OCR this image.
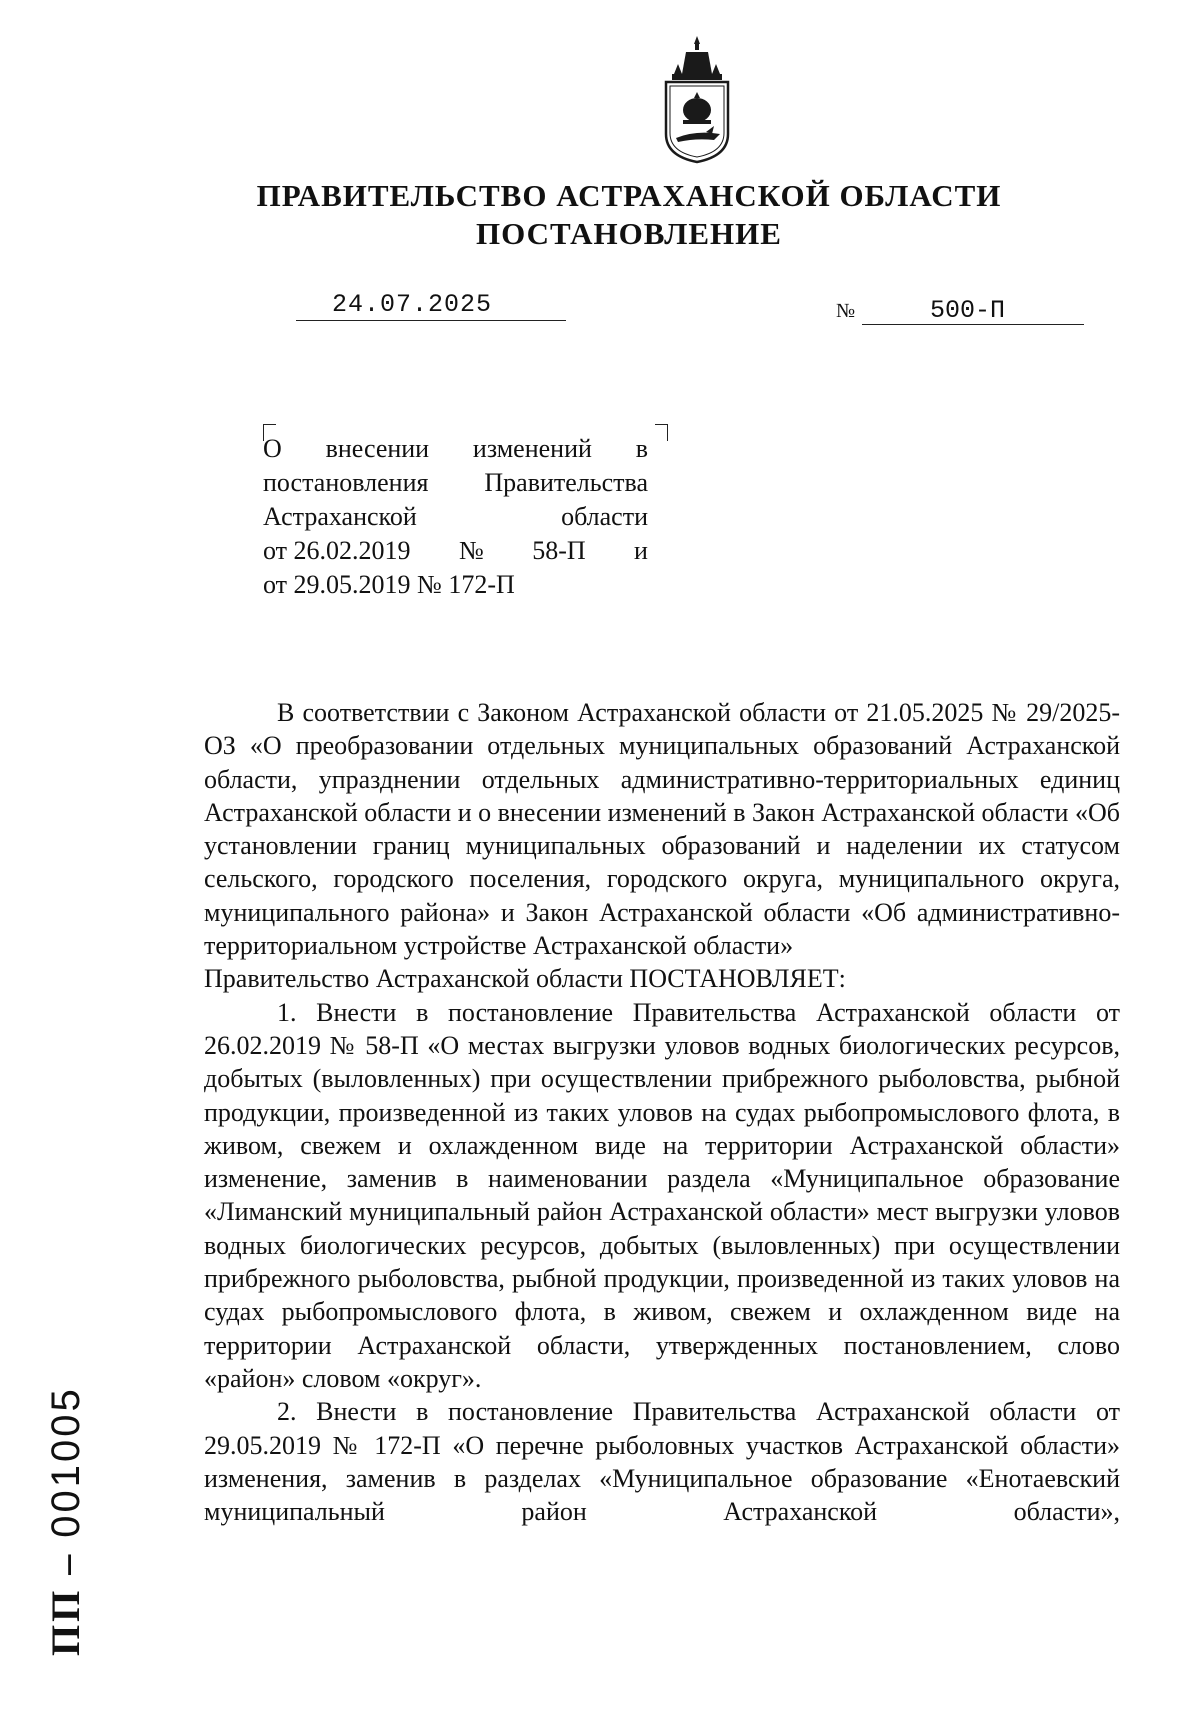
ПРАВИТЕЛЬСТВО АСТРАХАНСКОЙ ОБЛАСТИ
ПОСТАНОВЛЕНИЕ
24.07.2025	№	500-П
О внесении изменений в
постановления Правительства
Астраханской	области
от 26.02.2019 № 58-П и
от 29.05.2019 № 172-П

В соответствии с Законом Астраханской области от 21.05.2025 № 29/2025-ОЗ «О преобразовании отдельных муниципальных образований Астраханской области, упразднении отдельных административно-территориальных единиц Астраханской области и о внесении изменений в Закон Астраханской области «Об установлении границ муниципальных образований и наделении их статусом сельского, городского поселения, городского округа, муниципального округа, муниципального района» и Закон Астраханской области «Об административно-территориальном устройстве Астраханской области»

Правительство Астраханской области ПОСТАНОВЛЯЕТ:

1. Внести в постановление Правительства Астраханской области от 26.02.2019 № 58-П «О местах выгрузки уловов водных биологических ресурсов, добытых (выловленных) при осуществлении прибрежного рыболовства, рыбной продукции, произведенной из таких уловов на судах рыбопромыслового флота, в живом, свежем и охлажденном виде на территории Астраханской области» изменение, заменив в наименовании раздела «Муниципальное образование «Лиманский муниципальный район Астраханской области» мест выгрузки уловов водных биологических ресурсов, добытых (выловленных) при осуществлении прибрежного рыболовства, рыбной продукции, произведенной из таких уловов на судах рыбопромыслового флота, в живом, свежем и охлажденном виде на территории Астраханской области, утвержденных постановлением, слово «район» словом «округ».

2. Внести в постановление Правительства Астраханской области от 29.05.2019 № 172-П «О перечне рыболовных участков Астраханской области» изменения, заменив в разделах «Муниципальное образование «Енотаевский муниципальный район Астраханской области»,

ПП –001005
